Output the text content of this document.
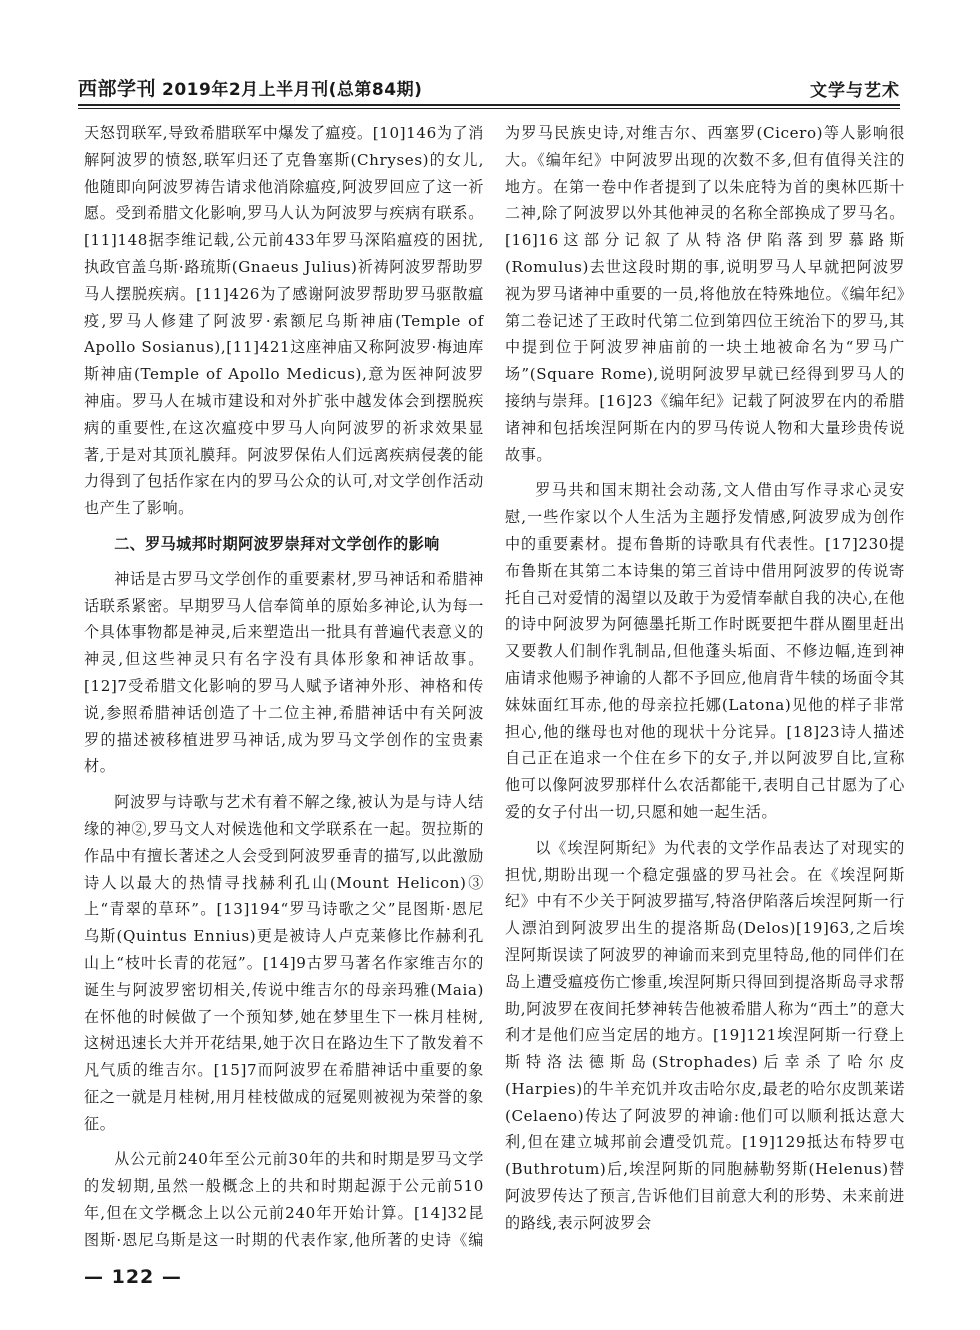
西部学刊 2019年2月上半月刊(总第84期)	文学与艺术

天怒罚联军,导致希腊联军中爆发了瘟疫。[10]146为了消解阿波罗的愤怒,联军归还了克鲁塞斯(Chryses)的女儿,他随即向阿波罗祷告请求他消除瘟疫,阿波罗回应了这一祈愿。受到希腊文化影响,罗马人认为阿波罗与疾病有联系。[11]148据李维记载,公元前433年罗马深陷瘟疫的困扰,执政官盖乌斯·路琉斯(Gnaeus Julius)祈祷阿波罗帮助罗马人摆脱疾病。[11]426为了感谢阿波罗帮助罗马驱散瘟疫,罗马人修建了阿波罗·索额尼乌斯神庙(Temple of Apollo Sosianus),[11]421这座神庙又称阿波罗·梅迪库斯神庙(Temple of Apollo Medicus),意为医神阿波罗神庙。罗马人在城市建设和对外扩张中越发体会到摆脱疾病的重要性,在这次瘟疫中罗马人向阿波罗的祈求效果显著,于是对其顶礼膜拜。阿波罗保佑人们远离疾病侵袭的能力得到了包括作家在内的罗马公众的认可,对文学创作活动也产生了影响。

二、罗马城邦时期阿波罗崇拜对文学创作的影响

神话是古罗马文学创作的重要素材,罗马神话和希腊神话联系紧密。早期罗马人信奉简单的原始多神论,认为每一个具体事物都是神灵,后来塑造出一批具有普遍代表意义的神灵,但这些神灵只有名字没有具体形象和神话故事。[12]7受希腊文化影响的罗马人赋予诸神外形、神格和传说,参照希腊神话创造了十二位主神,希腊神话中有关阿波罗的描述被移植进罗马神话,成为罗马文学创作的宝贵素材。

阿波罗与诗歌与艺术有着不解之缘,被认为是与诗人结缘的神②,罗马文人对候选他和文学联系在一起。贺拉斯的作品中有擅长著述之人会受到阿波罗垂青的描写,以此激励诗人以最大的热情寻找赫利孔山(Mount Helicon)③上“青翠的草环”。[13]194“罗马诗歌之父”昆图斯·恩尼乌斯(Quintus Ennius)更是被诗人卢克莱修比作赫利孔山上“枝叶长青的花冠”。[14]9古罗马著名作家维吉尔的诞生与阿波罗密切相关,传说中维吉尔的母亲玛雅(Maia)在怀他的时候做了一个预知梦,她在梦里生下一株月桂树,这树迅速长大并开花结果,她于次日在路边生下了散发着不凡气质的维吉尔。[15]7而阿波罗在希腊神话中重要的象征之一就是月桂树,用月桂枝做成的冠冕则被视为荣誉的象征。

从公元前240年至公元前30年的共和时期是罗马文学的发轫期,虽然一般概念上的共和时期起源于公元前510年,但在文学概念上以公元前240年开始计算。[14]32昆图斯·恩尼乌斯是这一时期的代表作家,他所著的史诗《编

为罗马民族史诗,对维吉尔、西塞罗(Cicero)等人影响很大。《编年纪》中阿波罗出现的次数不多,但有值得关注的地方。在第一卷中作者提到了以朱庇特为首的奥林匹斯十二神,除了阿波罗以外其他神灵的名称全部换成了罗马名。[16]16这部分记叙了从特洛伊陷落到罗慕路斯(Romulus)去世这段时期的事,说明罗马人早就把阿波罗视为罗马诸神中重要的一员,将他放在特殊地位。《编年纪》第二卷记述了王政时代第二位到第四位王统治下的罗马,其中提到位于阿波罗神庙前的一块土地被命名为“罗马广场”(Square Rome),说明阿波罗早就已经得到罗马人的接纳与崇拜。[16]23《编年纪》记载了阿波罗在内的希腊诸神和包括埃涅阿斯在内的罗马传说人物和大量珍贵传说故事。

罗马共和国末期社会动荡,文人借由写作寻求心灵安慰,一些作家以个人生活为主题抒发情感,阿波罗成为创作中的重要素材。提布鲁斯的诗歌具有代表性。[17]230提布鲁斯在其第二本诗集的第三首诗中借用阿波罗的传说寄托自己对爱情的渴望以及敢于为爱情奉献自我的决心,在他的诗中阿波罗为阿德墨托斯工作时既要把牛群从圈里赶出又要教人们制作乳制品,但他蓬头垢面、不修边幅,连到神庙请求他赐予神谕的人都不予回应,他肩背牛犊的场面令其妹妹面红耳赤,他的母亲拉托娜(Latona)见他的样子非常担心,他的继母也对他的现状十分诧异。[18]23诗人描述自己正在追求一个住在乡下的女子,并以阿波罗自比,宣称他可以像阿波罗那样什么农活都能干,表明自己甘愿为了心爱的女子付出一切,只愿和她一起生活。

以《埃涅阿斯纪》为代表的文学作品表达了对现实的担忧,期盼出现一个稳定强盛的罗马社会。在《埃涅阿斯纪》中有不少关于阿波罗描写,特洛伊陷落后埃涅阿斯一行人漂泊到阿波罗出生的提洛斯岛(Delos)[19]63,之后埃涅阿斯误读了阿波罗的神谕而来到克里特岛,他的同伴们在岛上遭受瘟疫伤亡惨重,埃涅阿斯只得回到提洛斯岛寻求帮助,阿波罗在夜间托梦神转告他被希腊人称为“西土”的意大利才是他们应当定居的地方。[19]121埃涅阿斯一行登上斯特洛法德斯岛(Strophades)后幸杀了哈尔皮(Harpies)的牛羊充饥并攻击哈尔皮,最老的哈尔皮凯莱诺(Celaeno)传达了阿波罗的神谕:他们可以顺利抵达意大利,但在建立城邦前会遭受饥荒。[19]129抵达布特罗屯(Buthrotum)后,埃涅阿斯的同胞赫勒努斯(Helenus)替阿波罗传达了预言,告诉他们目前意大利的形势、未来前进的路线,表示阿波罗会

— 122 —
